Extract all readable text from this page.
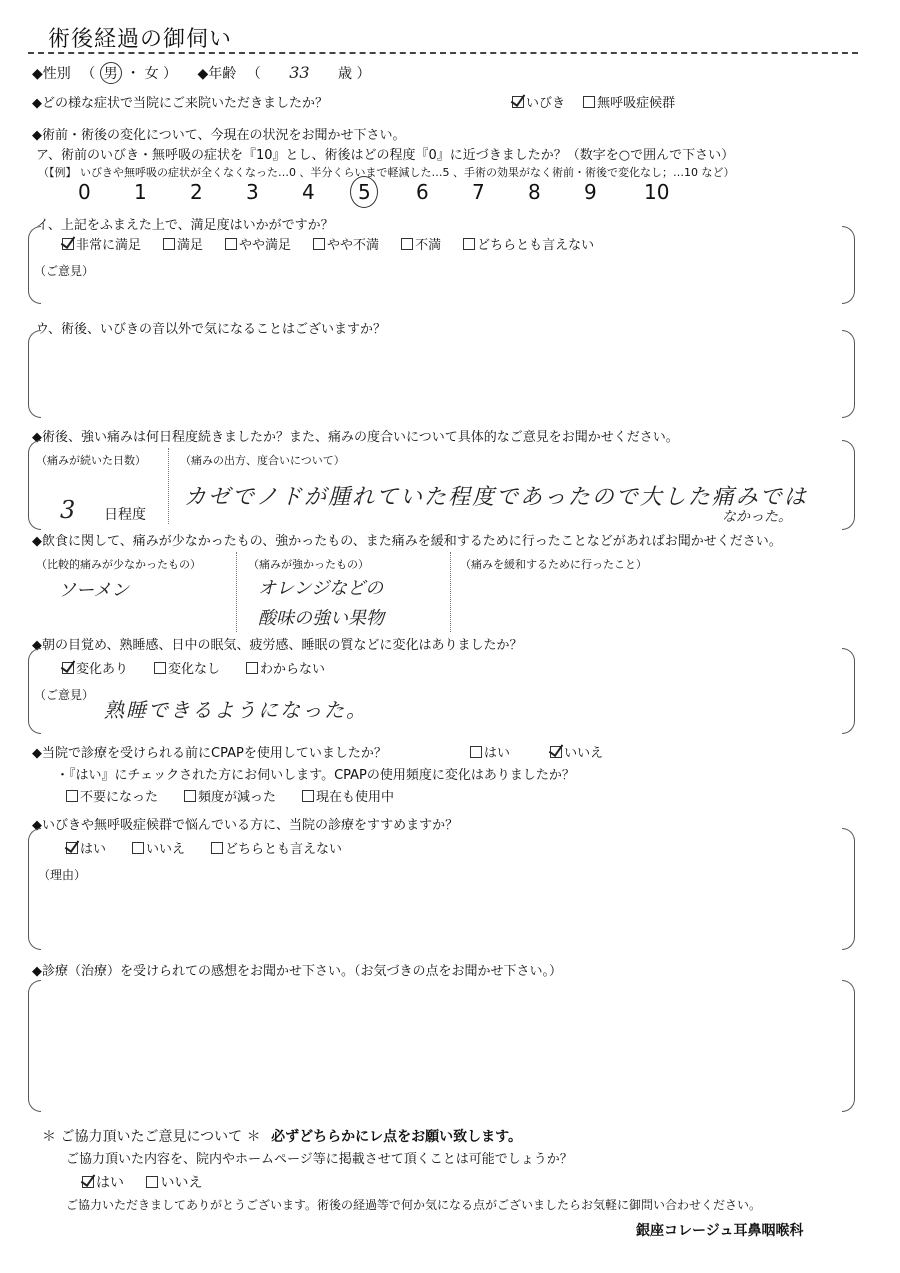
術後経過の御伺い
◆性別 （ 男 ・ 女 ） ◆年齢 （ 33 歳 ）
◆どの様な症状で当院にご来院いただきましたか？	いびき 無呼吸症候群
◆術前・術後の変化について、今現在の状況をお聞かせ下さい。
ア、術前のいびき・無呼吸の症状を『10』とし、術後はどの程度『0』に近づきましたか？（数字を○で囲んで下さい）
（【例】 いびきや無呼吸の症状が全くなくなった…0 、半分くらいまで軽減した…5 、手術の効果がなく術前・術後で変化なし；…10 など）
0 1 2 3 4 5 6 7 8 9 10
イ、上記をふまえた上で、満足度はいかがですか？
非常に満足	満足	やや満足	やや不満	不満	どちらとも言えない
（ご意見）
ウ、術後、いびきの音以外で気になることはございますか？
◆術後、強い痛みは何日程度続きましたか？また、痛みの度合いについて具体的なご意見をお聞かせください。
（痛みが続いた日数）
3 日程度
（痛みの出方、度合いについて）
カゼでノドが腫れていた程度であったので大した痛みでは
なかった。
◆飲食に関して、痛みが少なかったもの、強かったもの、また痛みを緩和するために行ったことなどがあればお聞かせください。
（比較的痛みが少なかったもの）
ソーメン
（痛みが強かったもの）
オレンジなどの
酸味の強い果物
（痛みを緩和するために行ったこと）
◆朝の目覚め、熟睡感、日中の眠気、疲労感、睡眠の質などに変化はありましたか？
変化あり	変化なし	わからない
（ご意見）
熟睡できるようになった。
◆当院で診療を受けられる前にCPAPを使用していましたか？	はい	いいえ
・『はい』にチェックされた方にお伺いします。CPAPの使用頻度に変化はありましたか？
不要になった	頻度が減った	現在も使用中
◆いびきや無呼吸症候群で悩んでいる方に、当院の診療をすすめますか？
はい	いいえ	どちらとも言えない
（理由）
◆診療（治療）を受けられての感想をお聞かせ下さい。（お気づきの点をお聞かせ下さい。）
＊ ご協力頂いたご意見について ＊ 必ずどちらかにレ点をお願い致します。
ご協力頂いた内容を、院内やホームページ等に掲載させて頂くことは可能でしょうか？
はい	いいえ
ご協力いただきましてありがとうございます。術後の経過等で何か気になる点がございましたらお気軽に御問い合わせください。
銀座コレージュ耳鼻咽喉科
